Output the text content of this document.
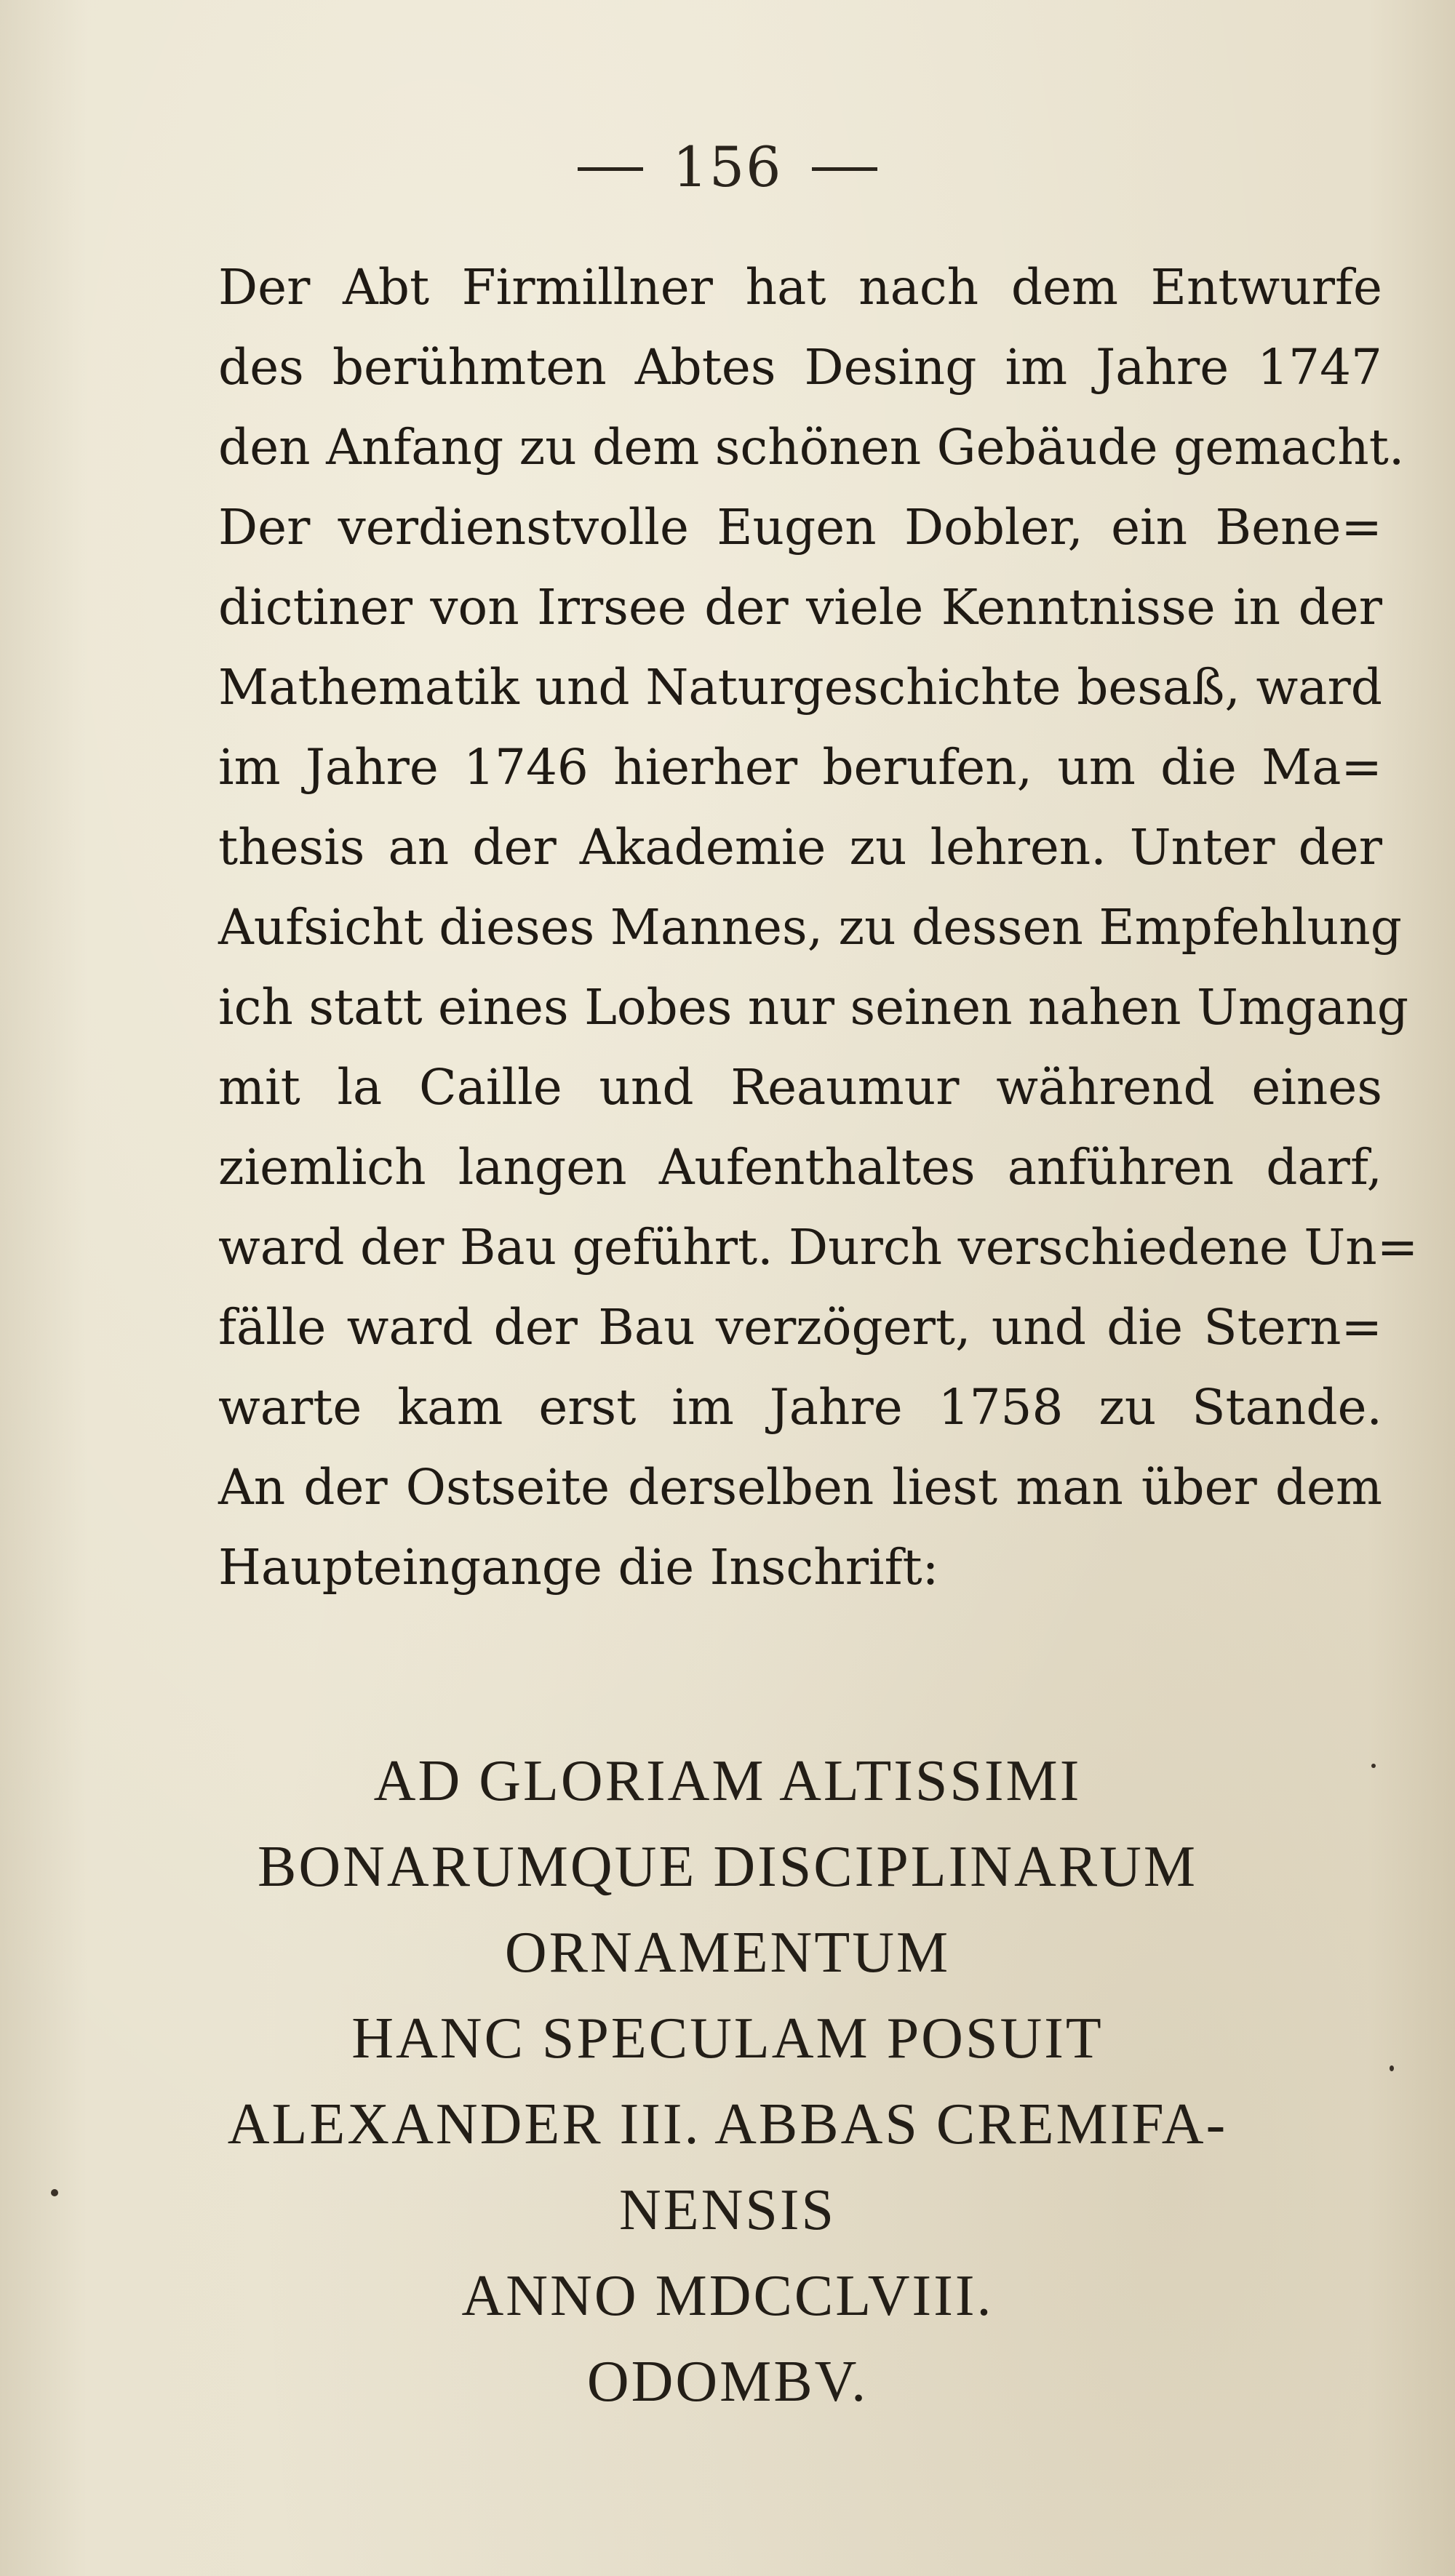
156
Der Abt Firmillner hat nach dem Entwurfe
des berühmten Abtes Desing im Jahre 1747
den Anfang zu dem schönen Gebäude gemacht.
Der verdienstvolle Eugen Dobler, ein Bene=
dictiner von Irrsee der viele Kenntnisse in der
Mathematik und Naturgeschichte besaß, ward
im Jahre 1746 hierher berufen, um die Ma=
thesis an der Akademie zu lehren. Unter der
Aufsicht dieses Mannes, zu dessen Empfehlung
ich statt eines Lobes nur seinen nahen Umgang
mit la Caille und Reaumur während eines
ziemlich langen Aufenthaltes anführen darf,
ward der Bau geführt. Durch verschiedene Un=
fälle ward der Bau verzögert, und die Stern=
warte kam erst im Jahre 1758 zu Stande.
An der Ostseite derselben liest man über dem
Haupteingange die Inschrift:
AD GLORIAM ALTISSIMI
BONARUMQUE DISCIPLINARUM
ORNAMENTUM
HANC SPECULAM POSUIT
ALEXANDER III. ABBAS CREMIFA-
NENSIS
ANNO MDCCLVIII.
ODOMBV.
